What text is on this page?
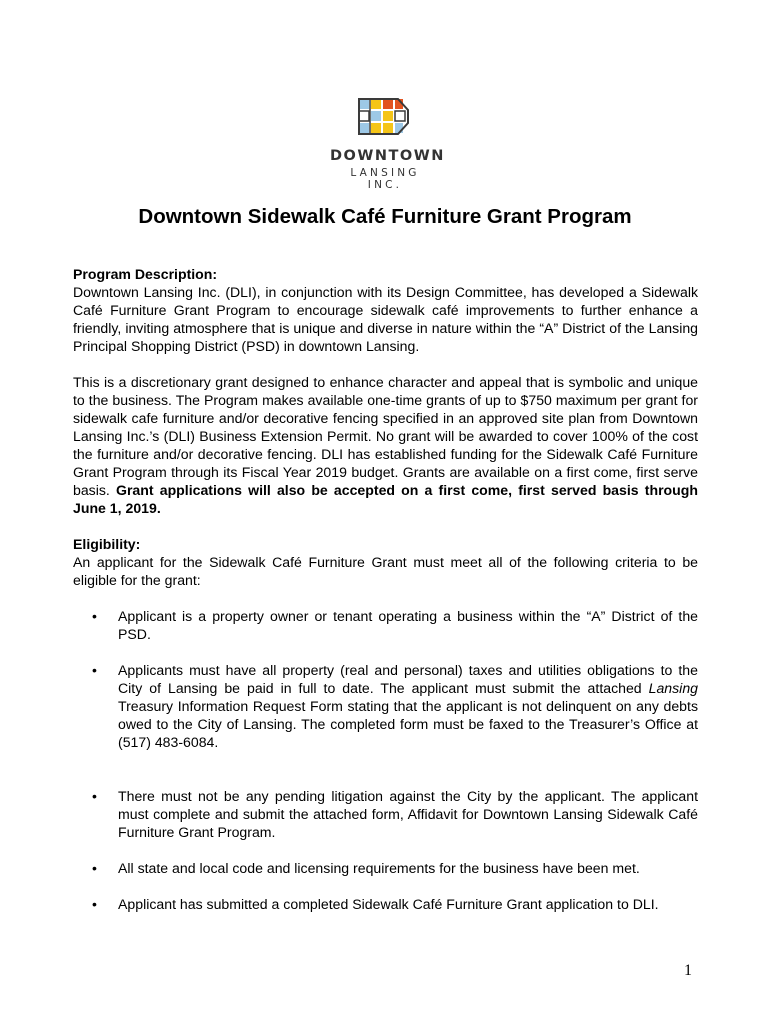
DOWNTOWN
LANSING INC.
Downtown Sidewalk Café Furniture Grant Program
Program Description:

Downtown Lansing Inc. (DLI), in conjunction with its Design Committee, has developed a Sidewalk Café Furniture Grant Program to encourage sidewalk café improvements to further enhance a friendly, inviting atmosphere that is unique and diverse in nature within the “A” District of the Lansing Principal Shopping District (PSD) in downtown Lansing.

This is a discretionary grant designed to enhance character and appeal that is symbolic and unique to the business. The Program makes available one-time grants of up to $750 maximum per grant for sidewalk cafe furniture and/or decorative fencing specified in an approved site plan from Downtown Lansing Inc.’s (DLI) Business Extension Permit. No grant will be awarded to cover 100% of the cost the furniture and/or decorative fencing. DLI has established funding for the Sidewalk Café Furniture Grant Program through its Fiscal Year 2019 budget. Grants are available on a first come, first serve basis. Grant applications will also be accepted on a first come, first served basis through June 1, 2019.

Eligibility:

An applicant for the Sidewalk Café Furniture Grant must meet all of the following criteria to be eligible for the grant:

• Applicant is a property owner or tenant operating a business within the “A” District of the PSD.
• Applicants must have all property (real and personal) taxes and utilities obligations to the City of Lansing be paid in full to date. The applicant must submit the attached Lansing Treasury Information Request Form stating that the applicant is not delinquent on any debts owed to the City of Lansing. The completed form must be faxed to the Treasurer’s Office at (517) 483-6084.
• There must not be any pending litigation against the City by the applicant. The applicant must complete and submit the attached form, Affidavit for Downtown Lansing Sidewalk Café Furniture Grant Program.
• All state and local code and licensing requirements for the business have been met.
• Applicant has submitted a completed Sidewalk Café Furniture Grant application to DLI.
1
